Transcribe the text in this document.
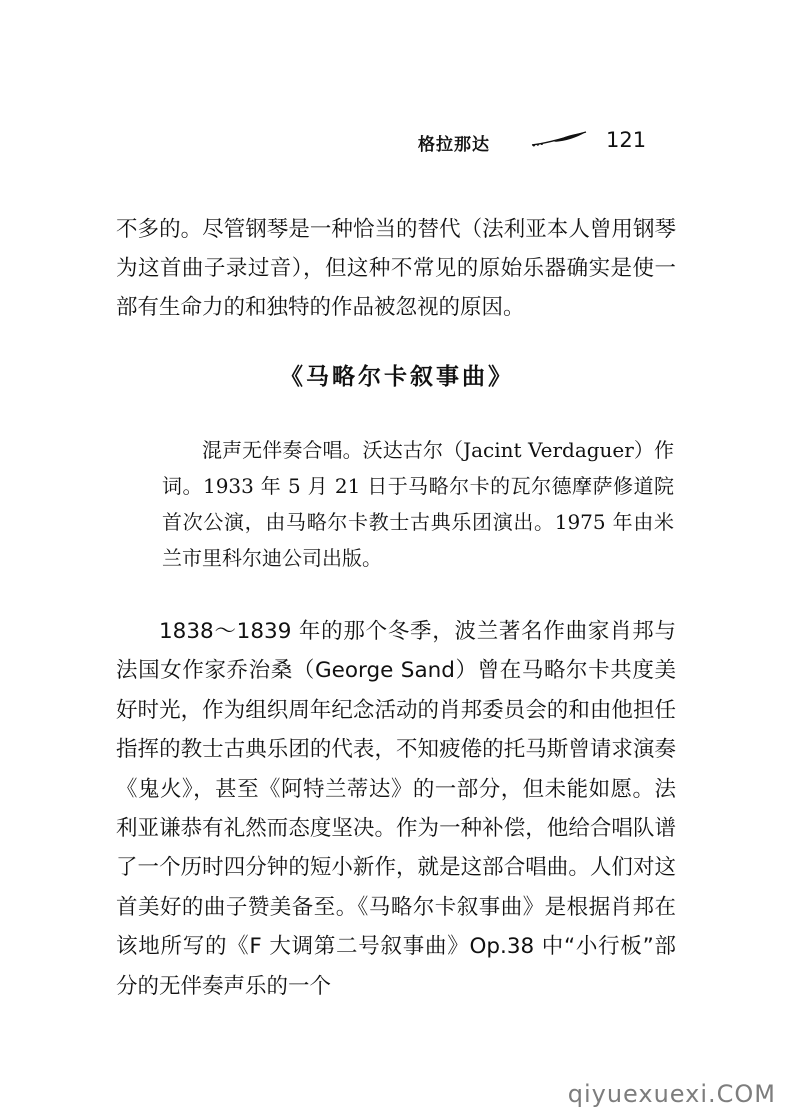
格拉那达	121

不多的。尽管钢琴是一种恰当的替代（法利亚本人曾用钢琴为这首曲子录过音），但这种不常见的原始乐器确实是使一部有生命力的和独特的作品被忽视的原因。

《马略尔卡叙事曲》

混声无伴奏合唱。沃达古尔（Jacint Verdaguer）作词。1933 年 5 月 21 日于马略尔卡的瓦尔德摩萨修道院首次公演，由马略尔卡教士古典乐团演出。1975 年由米兰市里科尔迪公司出版。

1838～1839 年的那个冬季，波兰著名作曲家肖邦与法国女作家乔治桑（George Sand）曾在马略尔卡共度美好时光，作为组织周年纪念活动的肖邦委员会的和由他担任指挥的教士古典乐团的代表，不知疲倦的托马斯曾请求演奏《鬼火》，甚至《阿特兰蒂达》的一部分，但未能如愿。法利亚谦恭有礼然而态度坚决。作为一种补偿，他给合唱队谱了一个历时四分钟的短小新作，就是这部合唱曲。人们对这首美好的曲子赞美备至。《马略尔卡叙事曲》是根据肖邦在该地所写的《F 大调第二号叙事曲》Op.38 中“小行板”部分的无伴奏声乐的一个

qiyuexuexi.COM
